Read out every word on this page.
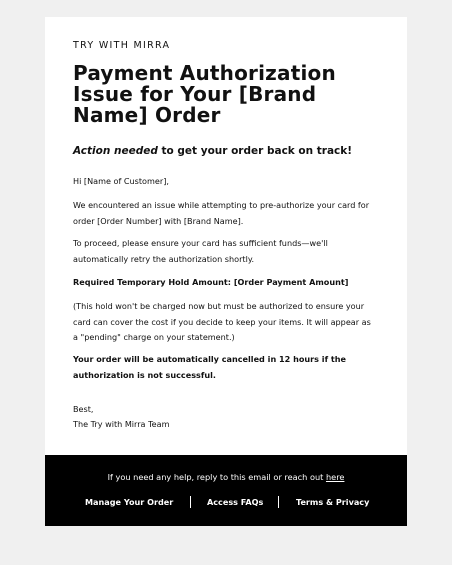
TRY WITH MIRRA
Payment Authorization Issue for Your [Brand Name] Order
Action needed to get your order back on track!

Hi [Name of Customer],

We encountered an issue while attempting to pre-authorize your card for order [Order Number] with [Brand Name].

To proceed, please ensure your card has sufficient funds—we'll automatically retry the authorization shortly.

Required Temporary Hold Amount: [Order Payment Amount]

(This hold won't be charged now but must be authorized to ensure your card can cover the cost if you decide to keep your items. It will appear as a "pending" charge on your statement.)

Your order will be automatically cancelled in 12 hours if the authorization is not successful.

Best,

The Try with Mirra Team

If you need any help, reply to this email or reach out here
Manage Your Order	Access FAQs	Terms & Privacy
